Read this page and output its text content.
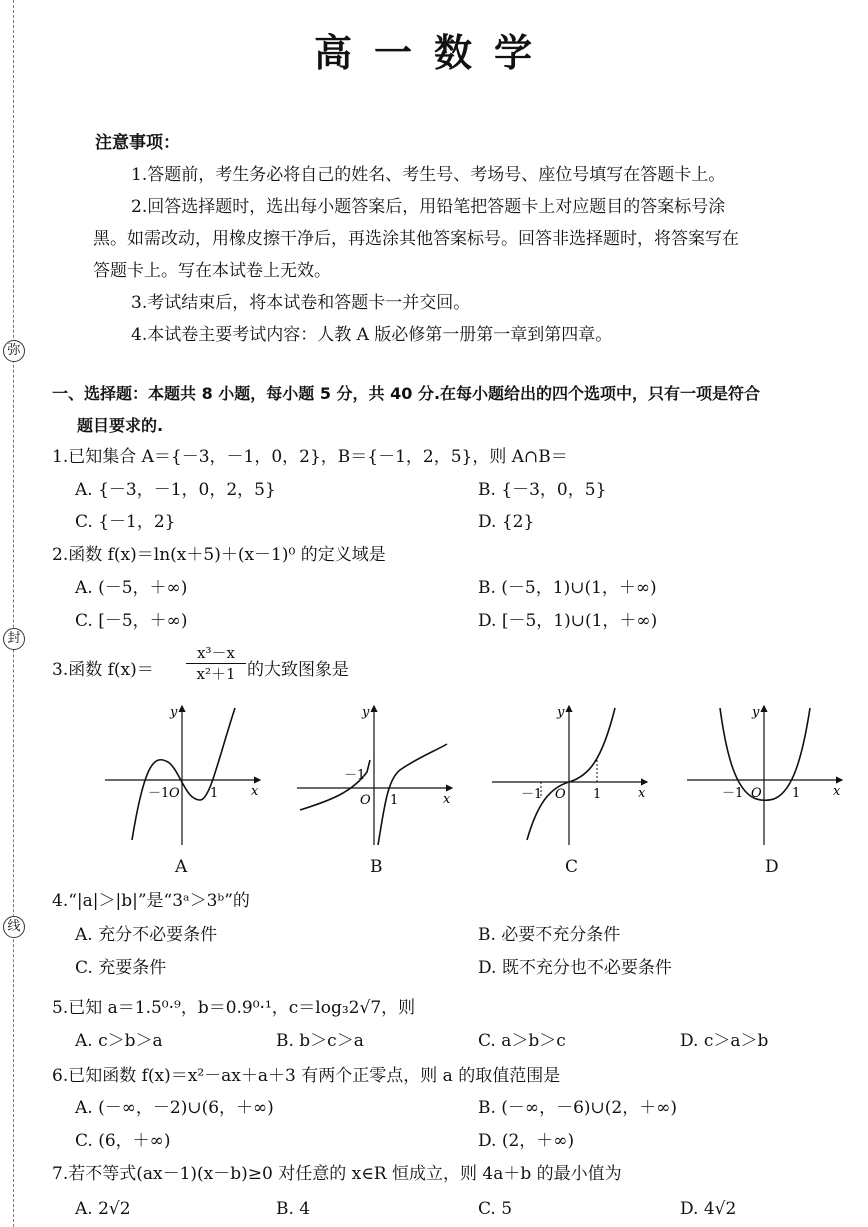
弥
封
线
高一数学
注意事项：
1.答题前，考生务必将自己的姓名、考生号、考场号、座位号填写在答题卡上。
2.回答选择题时，选出每小题答案后，用铅笔把答题卡上对应题目的答案标号涂
黑。如需改动，用橡皮擦干净后，再选涂其他答案标号。回答非选择题时，将答案写在
答题卡上。写在本试卷上无效。
3.考试结束后，将本试卷和答题卡一并交回。
4.本试卷主要考试内容：人教 A 版必修第一册第一章到第四章。
一、选择题：本题共 8 小题，每小题 5 分，共 40 分.在每小题给出的四个选项中，只有一项是符合
题目要求的.
1.已知集合 A＝{－3，－1，0，2}，B＝{－1，2，5}，则 A∩B＝
A. {－3，－1，0，2，5}	B. {－3，0，5}
C. {－1，2}	D. {2}
2.函数 f(x)＝ln(x＋5)＋(x－1)⁰ 的定义域是
A. (－5，＋∞)	B. (－5，1)∪(1，＋∞)
C. [－5，＋∞)	D. [－5，1)∪(1，＋∞)
3.函数 $f(x)= \frac{\text{x³－x}}{\text{x²＋1}}$ 的大致图象是
y
x
－1 O 1
y
x
－1
O 1
y
x
－1 O 1
y
x
－1 O 1
A	B	C	D
4.“|a|＞|b|”是“3ᵃ＞3ᵇ”的
A. 充分不必要条件	B. 必要不充分条件
C. 充要条件	D. 既不充分也不必要条件
5.已知 a＝1.5⁰·⁹，b＝0.9⁰·¹，c＝log₃2√7，则
A. c＞b＞a	B. b＞c＞a	C. a＞b＞c	D. c＞a＞b
6.已知函数 f(x)＝x²－ax＋a＋3 有两个正零点，则 a 的取值范围是
A. (－∞，－2)∪(6，＋∞)	B. (－∞，－6)∪(2，＋∞)
C. (6，＋∞)	D. (2，＋∞)
7.若不等式(ax－1)(x－b)≥0 对任意的 x∈R 恒成立，则 4a＋b 的最小值为
A. 2√2	B. 4	C. 5	D. 4√2
